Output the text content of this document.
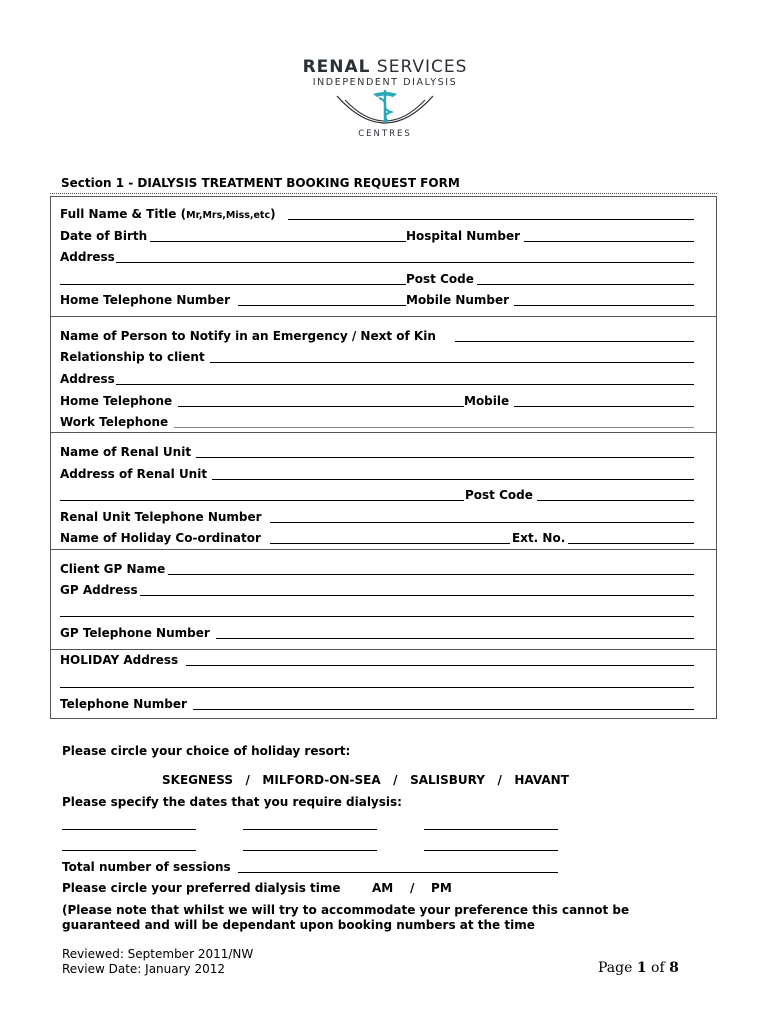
RENAL SERVICES
INDEPENDENT DIALYSIS
CENTRES
Section 1 - DIALYSIS TREATMENT BOOKING REQUEST FORM
Full Name & Title (Mr,Mrs,Miss,etc)
Date of Birth	Hospital Number
Address
Post Code
Home Telephone Number	Mobile Number
Name of Person to Notify in an Emergency / Next of Kin
Relationship to client
Address
Home Telephone	Mobile
Work Telephone
Name of Renal Unit
Address of Renal Unit
Post Code
Renal Unit Telephone Number
Name of Holiday Co-ordinator	Ext. No.
Client GP Name
GP Address
GP Telephone Number
HOLIDAY Address
Telephone Number
Please circle your choice of holiday resort:
SKEGNESS   /   MILFORD-ON-SEA   /   SALISBURY   /   HAVANT
Please specify the dates that you require dialysis:
Total number of sessions
Please circle your preferred dialysis time	AM    /    PM
(Please note that whilst we will try to accommodate your preference this cannot be
guaranteed and will be dependant upon booking numbers at the time
Reviewed: September 2011/NW
Review Date: January 2012	Page 1 of 8
